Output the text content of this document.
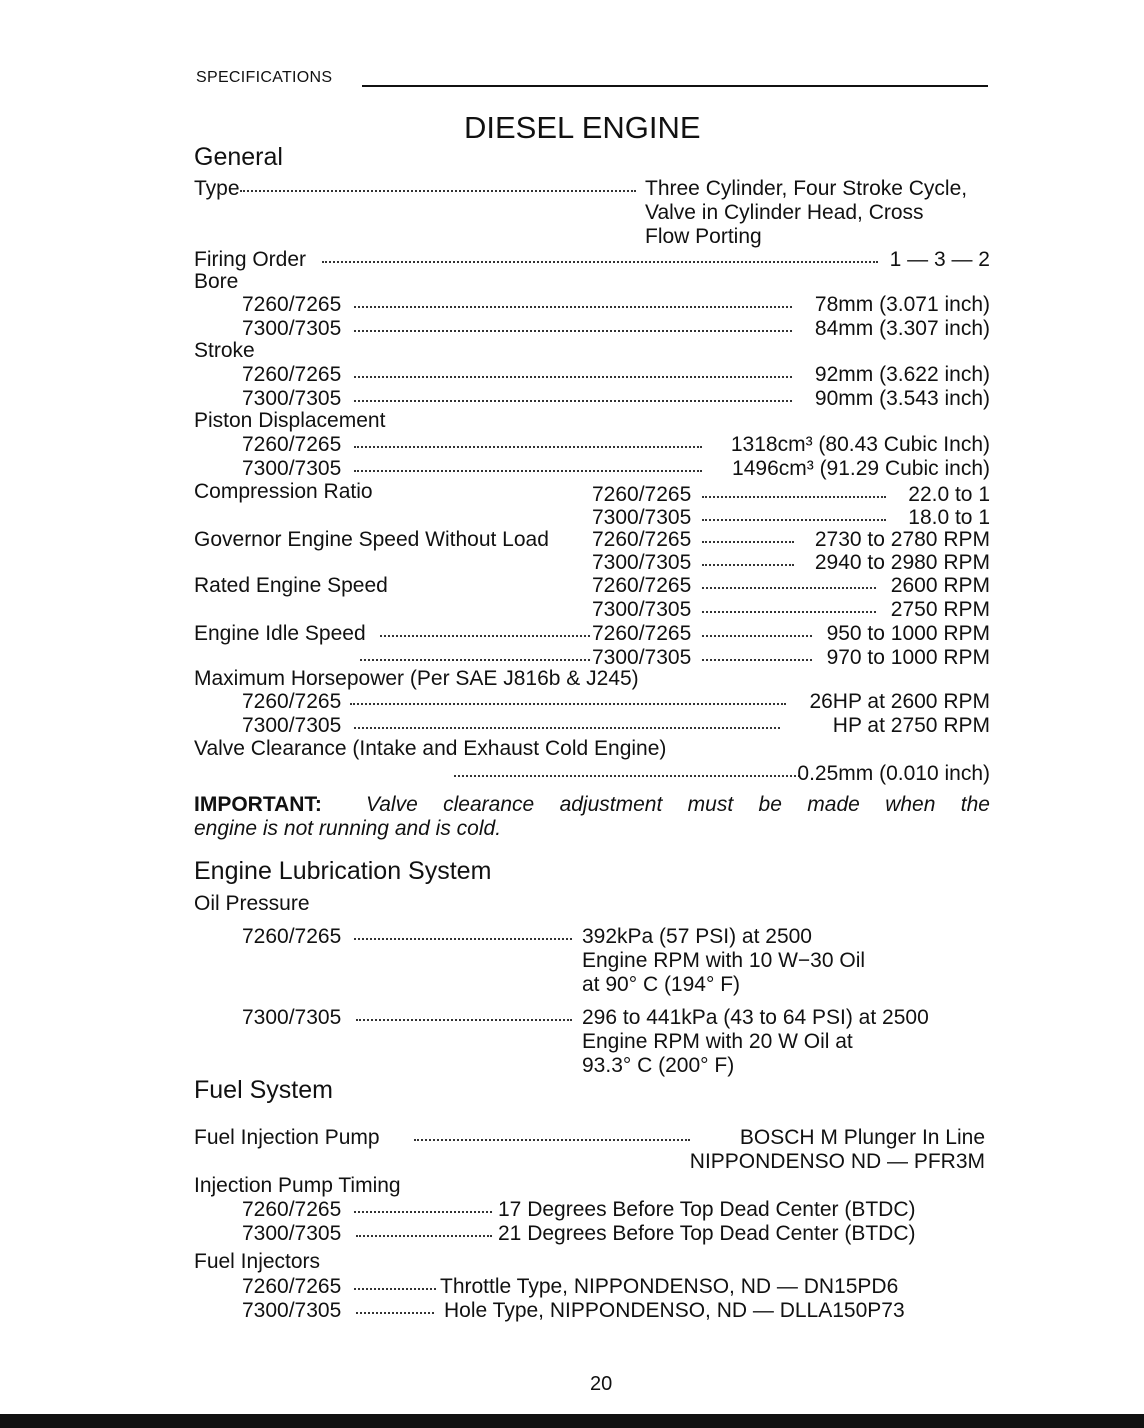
SPECIFICATIONS
DIESEL ENGINE
General
Type	Three Cylinder, Four Stroke Cycle,
Valve in Cylinder Head, Cross
Flow Porting
Firing Order	1 — 3 — 2
Bore
7260/7265	78mm (3.071 inch)
7300/7305	84mm (3.307 inch)
Stroke
7260/7265	92mm (3.622 inch)
7300/7305	90mm (3.543 inch)
Piston Displacement
7260/7265	1318cm³ (80.43 Cubic Inch)
7300/7305	1496cm³ (91.29 Cubic inch)
Compression Ratio	7260/7265	22.0 to 1
7300/7305	18.0 to 1
Governor Engine Speed Without Load 7260/7265	2730 to 2780 RPM
7300/7305	2940 to 2980 RPM
Rated Engine Speed	7260/7265	2600 RPM
7300/7305	2750 RPM
Engine Idle Speed	7260/7265	950 to 1000 RPM
7300/7305	970 to 1000 RPM
Maximum Horsepower (Per SAE J816b & J245)
7260/7265	26HP at 2600 RPM
7300/7305	HP at 2750 RPM
Valve Clearance (Intake and Exhaust Cold Engine)
0.25mm (0.010 inch)
IMPORTANT: Valve clearance adjustment must be made when the
engine is not running and is cold.
Engine Lubrication System
Oil Pressure
7260/7265	392kPa (57 PSI) at 2500
Engine RPM with 10 W−30 Oil
at 90° C (194° F)
7300/7305	296 to 441kPa (43 to 64 PSI) at 2500
Engine RPM with 20 W Oil at
93.3° C (200° F)
Fuel System
Fuel Injection Pump	BOSCH M Plunger In Line
NIPPONDENSO ND — PFR3M
Injection Pump Timing
7260/7265	17 Degrees Before Top Dead Center (BTDC)
7300/7305	21 Degrees Before Top Dead Center (BTDC)
Fuel Injectors
7260/7265	Throttle Type, NIPPONDENSO, ND — DN15PD6
7300/7305	Hole Type, NIPPONDENSO, ND — DLLA150P73
20
